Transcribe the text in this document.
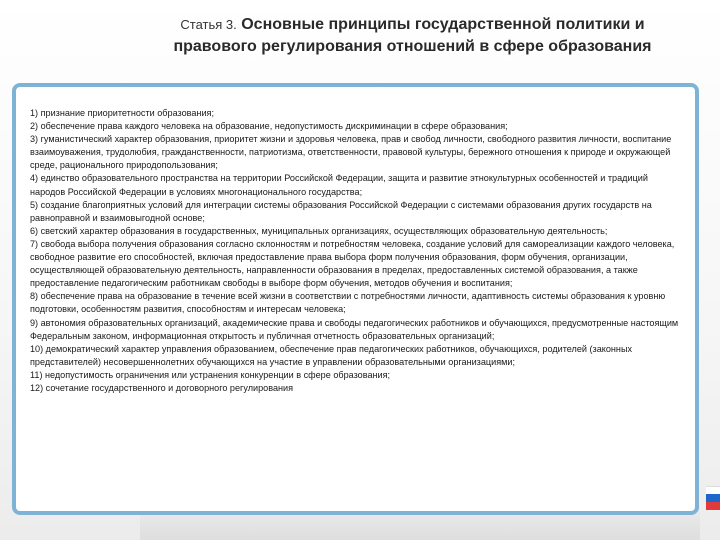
Статья 3. Основные принципы государственной политики и правового регулирования отношений в сфере образования
1) признание приоритетности образования;
2) обеспечение права каждого человека на образование, недопустимость дискриминации в сфере образования;
3) гуманистический характер образования, приоритет жизни и здоровья человека, прав и свобод личности, свободного развития личности, воспитание взаимоуважения, трудолюбия, гражданственности, патриотизма, ответственности, правовой культуры, бережного отношения к природе и окружающей среде, рационального природопользования;
4) единство образовательного пространства на территории Российской Федерации, защита и развитие этнокультурных особенностей и традиций народов Российской Федерации в условиях многонационального государства;
5) создание благоприятных условий для интеграции системы образования Российской Федерации с системами образования других государств на равноправной и взаимовыгодной основе;
6) светский характер образования в государственных, муниципальных организациях, осуществляющих образовательную деятельность;
7) свобода выбора получения образования согласно склонностям и потребностям человека, создание условий для самореализации каждого человека, свободное развитие его способностей, включая предоставление права выбора форм получения образования, форм обучения, организации, осуществляющей образовательную деятельность, направленности образования в пределах, предоставленных системой образования, а также предоставление педагогическим работникам свободы в выборе форм обучения, методов обучения и воспитания;
8) обеспечение права на образование в течение всей жизни в соответствии с потребностями личности, адаптивность системы образования к уровню подготовки, особенностям развития, способностям и интересам человека;
9) автономия образовательных организаций, академические права и свободы педагогических работников и обучающихся, предусмотренные настоящим Федеральным законом, информационная открытость и публичная отчетность образовательных организаций;
10) демократический характер управления образованием, обеспечение прав педагогических работников, обучающихся, родителей (законных представителей) несовершеннолетних обучающихся на участие в управлении образовательными организациями;
11) недопустимость ограничения или устранения конкуренции в сфере образования;
12) сочетание государственного и договорного регулирования
